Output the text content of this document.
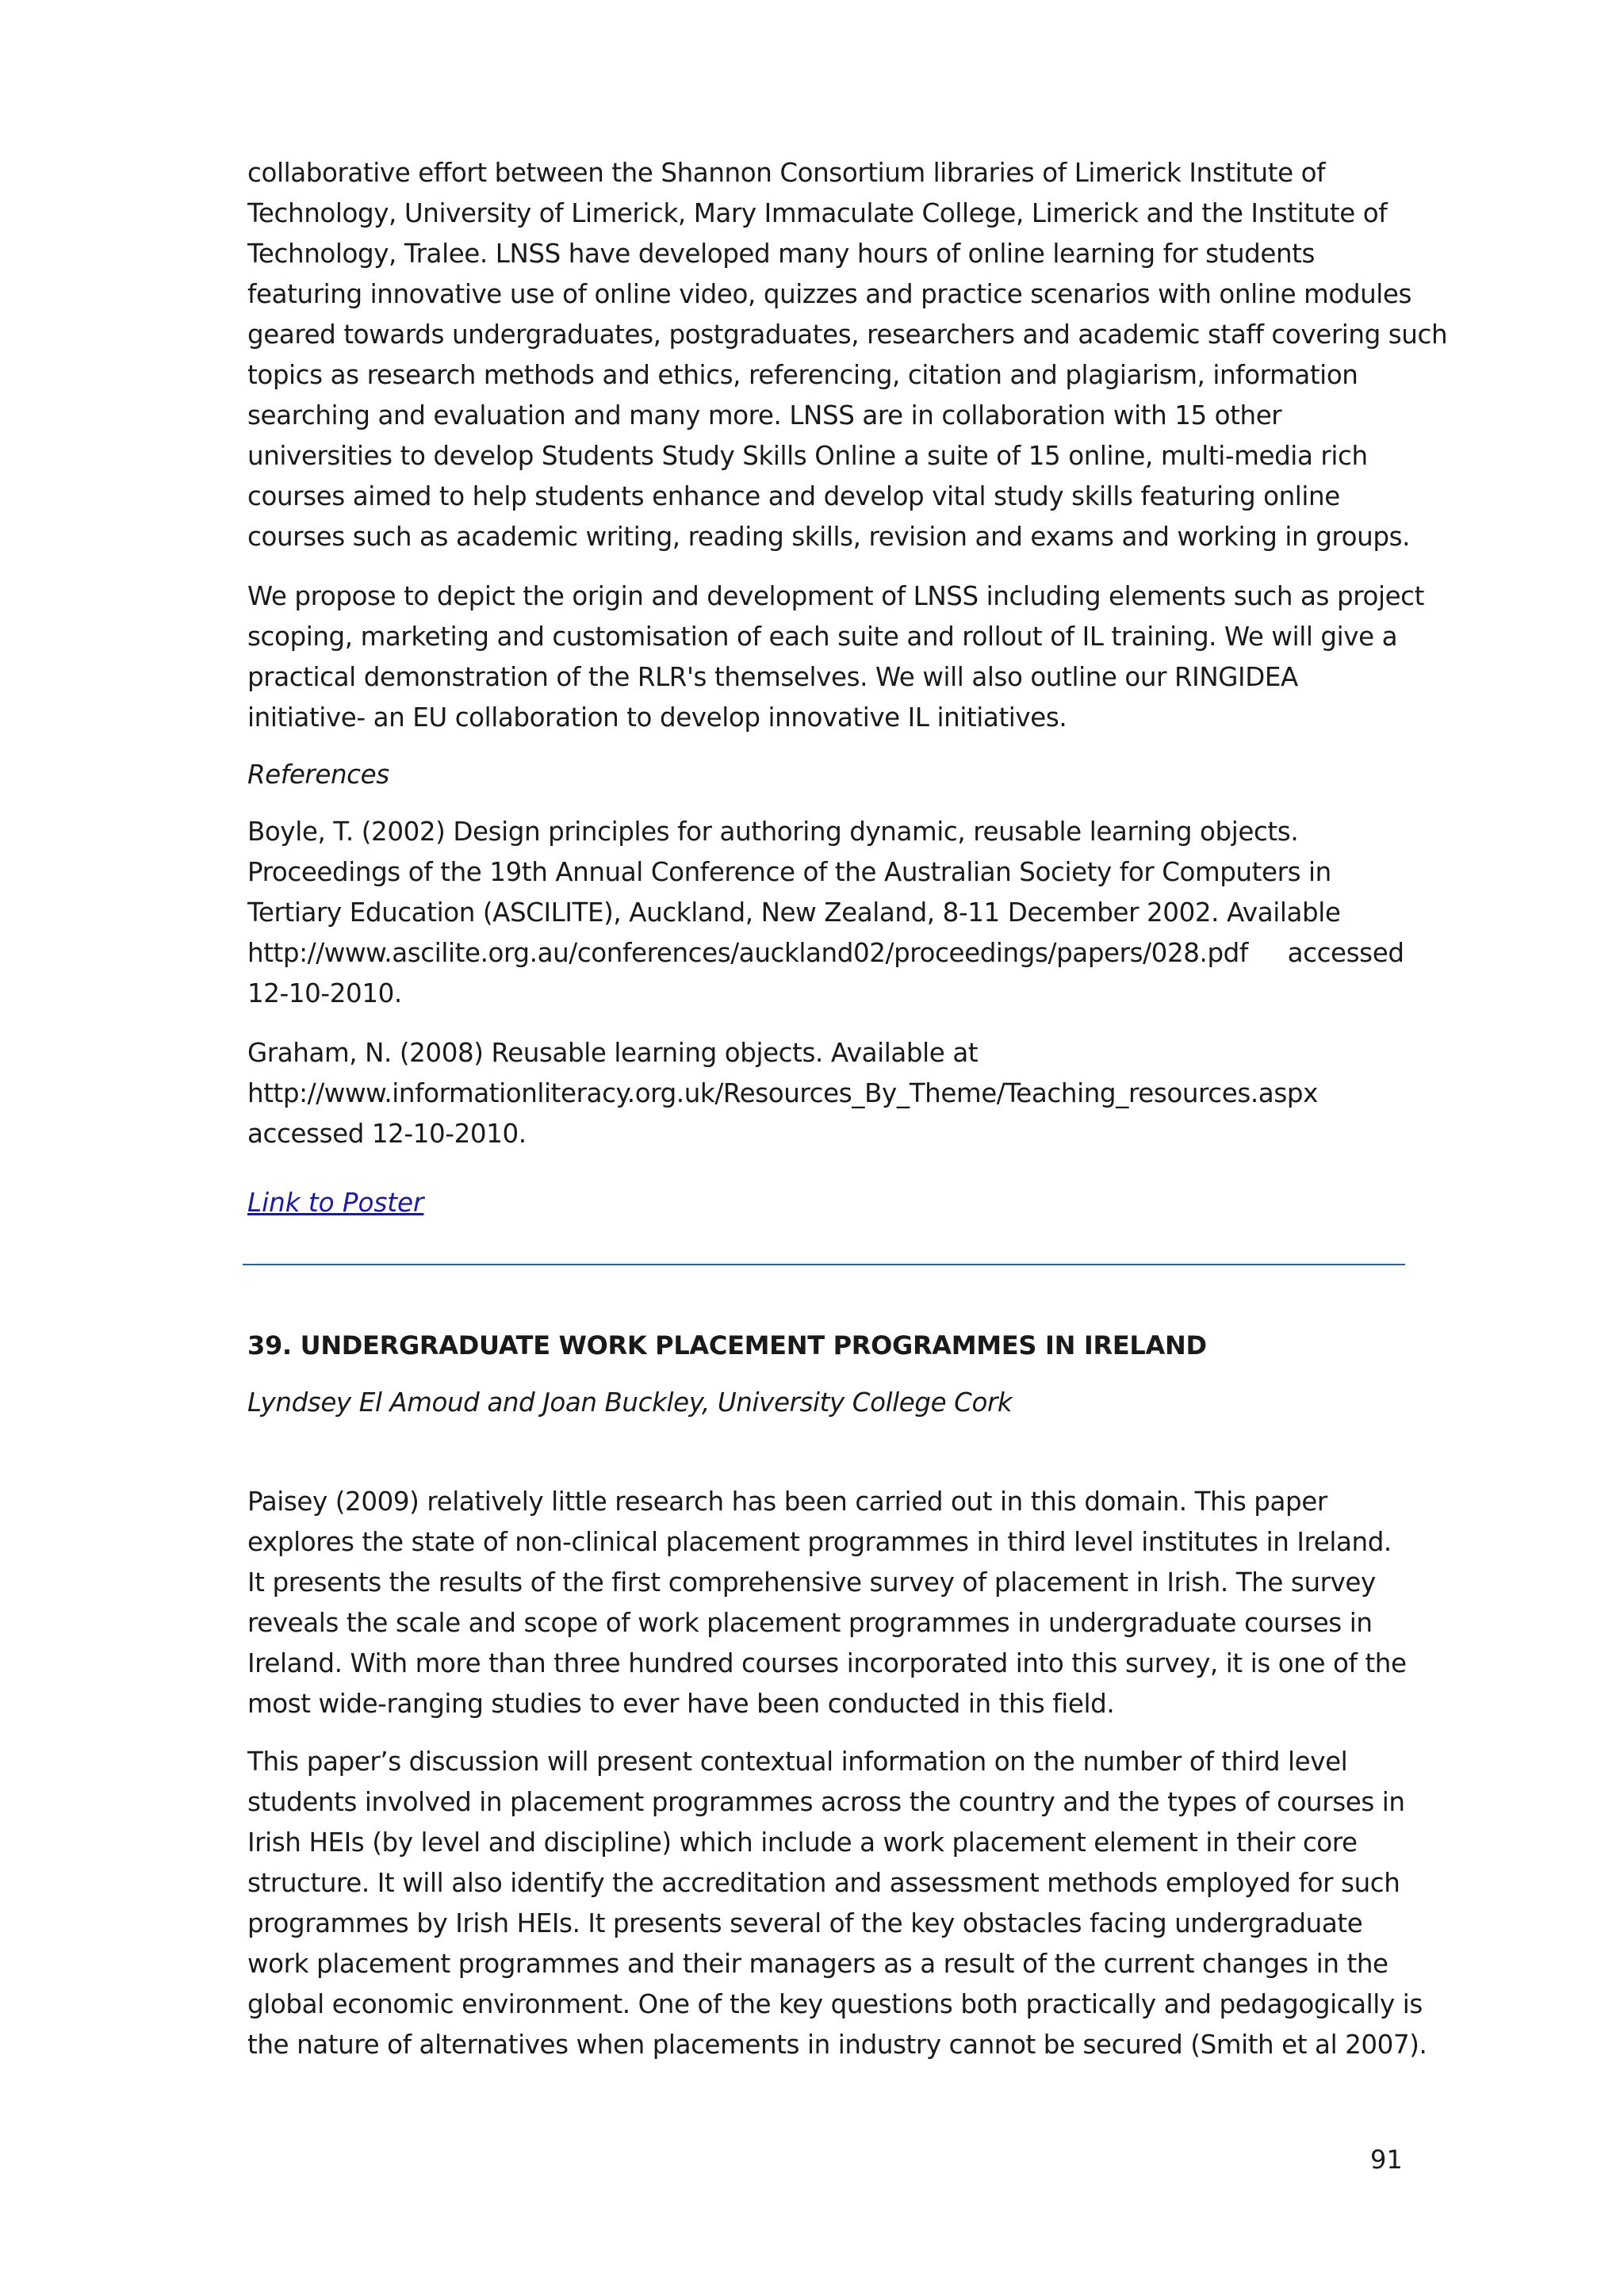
collaborative effort between the Shannon Consortium libraries of Limerick Institute of
Technology, University of Limerick, Mary Immaculate College, Limerick and the Institute of
Technology, Tralee. LNSS have developed many hours of online learning for students
featuring innovative use of online video, quizzes and practice scenarios with online modules
geared towards undergraduates, postgraduates, researchers and academic staff covering such
topics as research methods and ethics, referencing, citation and plagiarism, information
searching and evaluation and many more. LNSS are in collaboration with 15 other
universities to develop Students Study Skills Online a suite of 15 online, multi-media rich
courses aimed to help students enhance and develop vital study skills featuring online
courses such as academic writing, reading skills, revision and exams and working in groups.

We propose to depict the origin and development of LNSS including elements such as project
scoping, marketing and customisation of each suite and rollout of IL training. We will give a
practical demonstration of the RLR's themselves. We will also outline our RINGIDEA
initiative- an EU collaboration to develop innovative IL initiatives.

References

Boyle, T. (2002) Design principles for authoring dynamic, reusable learning objects.
Proceedings of the 19th Annual Conference of the Australian Society for Computers in
Tertiary Education (ASCILITE), Auckland, New Zealand, 8-11 December 2002. Available
http://www.ascilite.org.au/conferences/auckland02/proceedings/papers/028.pdf     accessed
12-10-2010.

Graham, N. (2008) Reusable learning objects. Available at
http://www.informationliteracy.org.uk/Resources_By_Theme/Teaching_resources.aspx
accessed 12-10-2010.

Link to Poster

39. UNDERGRADUATE WORK PLACEMENT PROGRAMMES IN IRELAND

Lyndsey El Amoud and Joan Buckley, University College Cork

Paisey (2009) relatively little research has been carried out in this domain. This paper
explores the state of non-clinical placement programmes in third level institutes in Ireland.
It presents the results of the first comprehensive survey of placement in Irish. The survey
reveals the scale and scope of work placement programmes in undergraduate courses in
Ireland. With more than three hundred courses incorporated into this survey, it is one of the
most wide-ranging studies to ever have been conducted in this field.

This paper’s discussion will present contextual information on the number of third level
students involved in placement programmes across the country and the types of courses in
Irish HEIs (by level and discipline) which include a work placement element in their core
structure. It will also identify the accreditation and assessment methods employed for such
programmes by Irish HEIs. It presents several of the key obstacles facing undergraduate
work placement programmes and their managers as a result of the current changes in the
global economic environment. One of the key questions both practically and pedagogically is
the nature of alternatives when placements in industry cannot be secured (Smith et al 2007).

91
